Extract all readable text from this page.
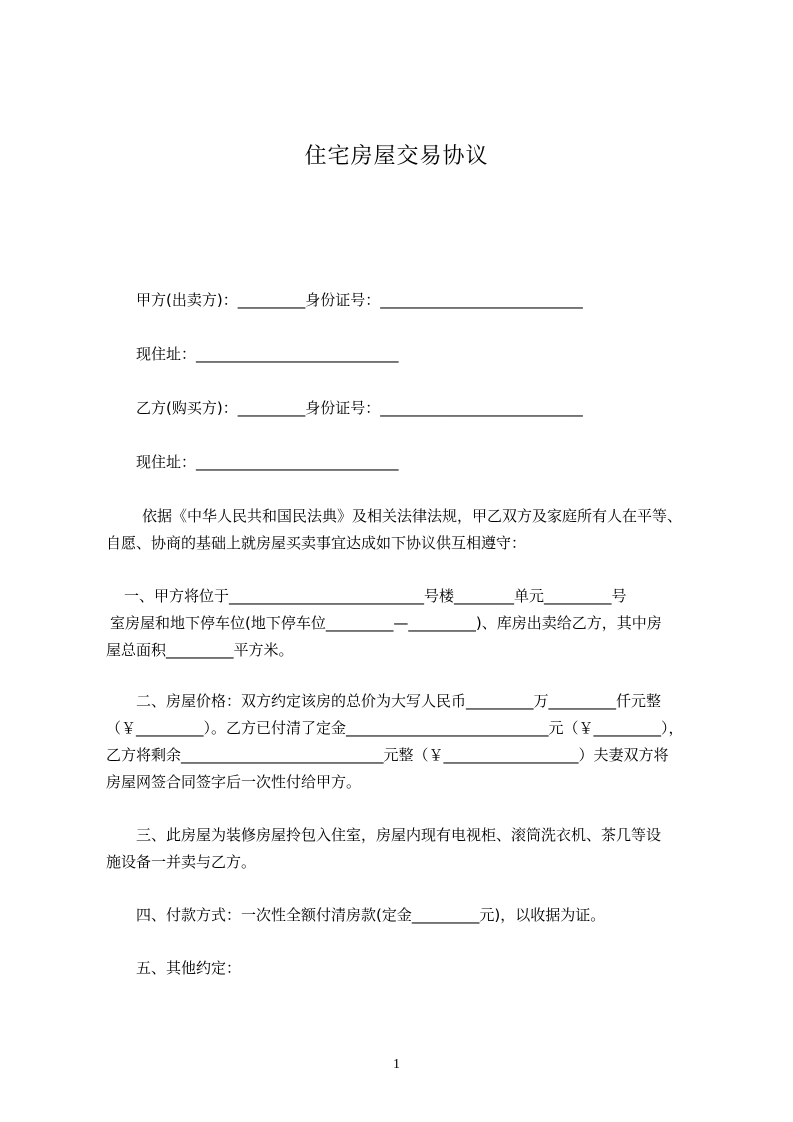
住宅房屋交易协议

甲方(出卖方)：_________身份证号：___________________________

现住址：___________________________

乙方(购买方)：_________身份证号：___________________________

现住址：___________________________

依据《中华人民共和国民法典》及相关法律法规，甲乙双方及家庭所有人在平等、

自愿、协商的基础上就房屋买卖事宜达成如下协议供互相遵守：

一、甲方将位于__________________________号楼________单元_________号

室房屋和地下停车位(地下停车位_________—_________)、库房出卖给乙方，其中房

屋总面积_________平方米。

二、房屋价格：双方约定该房的总价为大写人民币_________万_________仟元整

（￥_________）。乙方已付清了定金___________________________元（￥_________），

乙方将剩余___________________________元整（￥__________________）夫妻双方将

房屋网签合同签字后一次性付给甲方。

三、此房屋为装修房屋拎包入住室，房屋内现有电视柜、滚筒洗衣机、茶几等设

施设备一并卖与乙方。

四、付款方式：一次性全额付清房款(定金_________元)，以收据为证。

五、其他约定：

1
